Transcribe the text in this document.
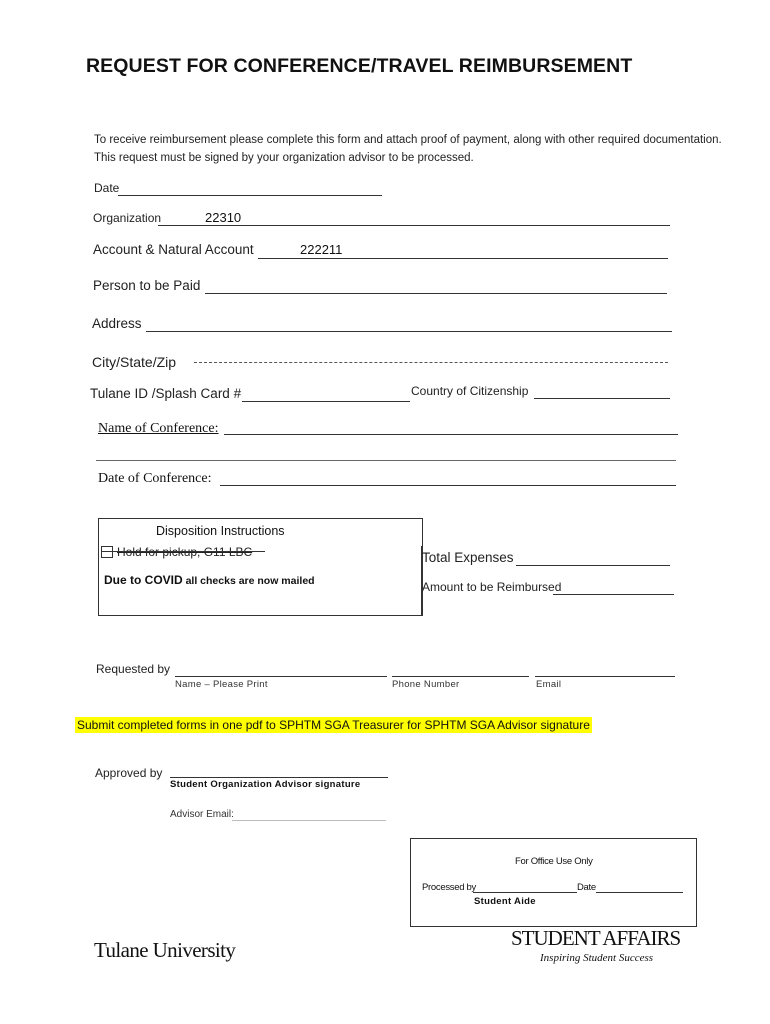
REQUEST FOR CONFERENCE/TRAVEL REIMBURSEMENT
To receive reimbursement please complete this form and attach proof of payment, along with other required documentation.
This request must be signed by your organization advisor to be processed.
Date
Organization	22310
Account & Natural Account	222211
Person to be Paid
Address
City/State/Zip
Tulane ID /Splash Card #	Country of Citizenship
Name of Conference:
Date of Conference:
Disposition Instructions
Hold for pickup, G11 LBC
Due to COVID all checks are now mailed
Total Expenses
Amount to be Reimbursed
Requested by
Name – Please Print	Phone Number	Email
Submit completed forms in one pdf to SPHTM SGA Treasurer for SPHTM SGA Advisor signature
Approved by
Student Organization Advisor signature
Advisor Email:
For Office Use Only
Processed by	Date
Student Aide
Tulane University	STUDENT AFFAIRS
Inspiring Student Success
